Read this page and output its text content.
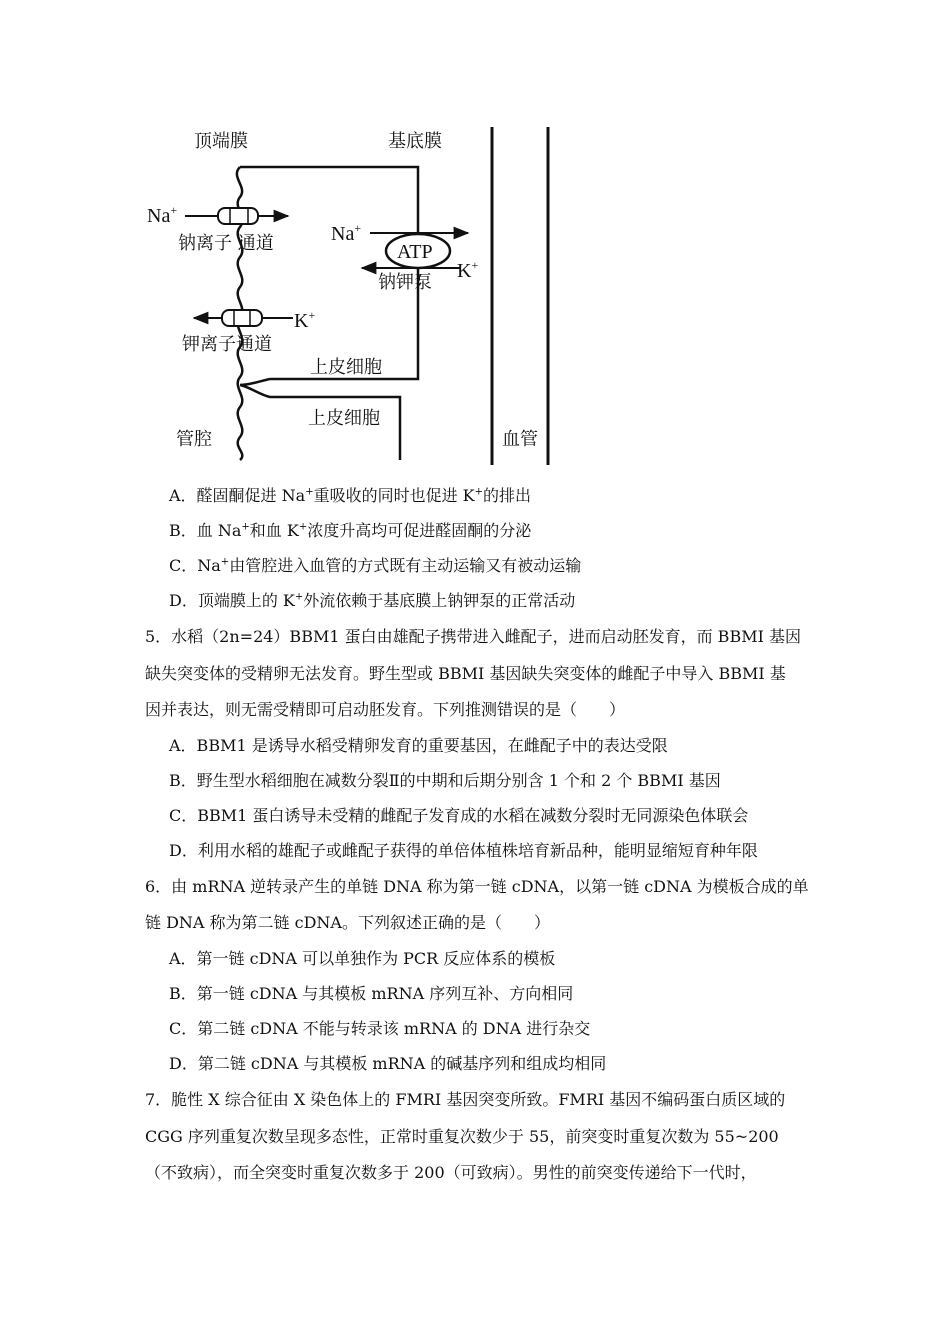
顶端膜	基底膜
Na+
钠离子 通道	Na+
ATP
K+
钠钾泵
K+
钾离子通道
上皮细胞
上皮细胞
管腔	血管
A．醛固酮促进 Na+重吸收的同时也促进 K+的排出
B．血 Na+和血 K+浓度升高均可促进醛固酮的分泌
C．Na+由管腔进入血管的方式既有主动运输又有被动运输
D．顶端膜上的 K+外流依赖于基底膜上钠钾泵的正常活动
5．水稻（2n=24）BBM1 蛋白由雄配子携带进入雌配子，进而启动胚发育，而 BBMI 基因
缺失突变体的受精卵无法发育。野生型或 BBMI 基因缺失突变体的雌配子中导入 BBMI 基
因并表达，则无需受精即可启动胚发育。下列推测错误的是（　　）
A．BBM1 是诱导水稻受精卵发育的重要基因，在雌配子中的表达受限
B．野生型水稻细胞在减数分裂Ⅱ的中期和后期分别含 1 个和 2 个 BBMI 基因
C．BBM1 蛋白诱导未受精的雌配子发育成的水稻在减数分裂时无同源染色体联会
D．利用水稻的雄配子或雌配子获得的单倍体植株培育新品种，能明显缩短育种年限
6．由 mRNA 逆转录产生的单链 DNA 称为第一链 cDNA，以第一链 cDNA 为模板合成的单
链 DNA 称为第二链 cDNA。下列叙述正确的是（　　）
A．第一链 cDNA 可以单独作为 PCR 反应体系的模板
B．第一链 cDNA 与其模板 mRNA 序列互补、方向相同
C．第二链 cDNA 不能与转录该 mRNA 的 DNA 进行杂交
D．第二链 cDNA 与其模板 mRNA 的碱基序列和组成均相同
7．脆性 X 综合征由 X 染色体上的 FMRI 基因突变所致。FMRI 基因不编码蛋白质区域的
CGG 序列重复次数呈现多态性，正常时重复次数少于 55，前突变时重复次数为 55~200
（不致病），而全突变时重复次数多于 200（可致病）。男性的前突变传递给下一代时，
